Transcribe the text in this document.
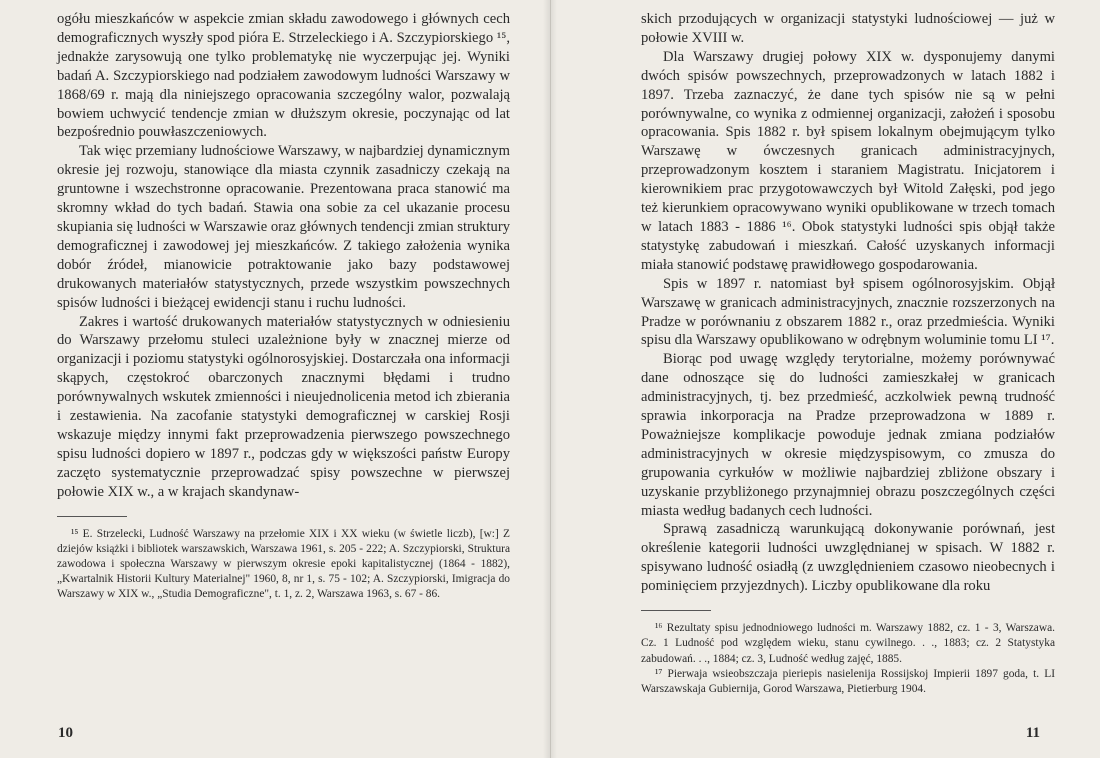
ogółu mieszkańców w aspekcie zmian składu zawodowego i głównych cech demograficznych wyszły spod pióra E. Strzeleckiego i A. Szczypiorskiego ¹⁵, jednakże zarysowują one tylko problematykę nie wyczerpując jej. Wyniki badań A. Szczypiorskiego nad podziałem zawodowym ludności Warszawy w 1868/69 r. mają dla niniejszego opracowania szczególny walor, pozwalają bowiem uchwycić tendencje zmian w dłuższym okresie, poczynając od lat bezpośrednio pouwłaszczeniowych.

Tak więc przemiany ludnościowe Warszawy, w najbardziej dynamicznym okresie jej rozwoju, stanowiące dla miasta czynnik zasadniczy czekają na gruntowne i wszechstronne opracowanie. Prezentowana praca stanowić ma skromny wkład do tych badań. Stawia ona sobie za cel ukazanie procesu skupiania się ludności w Warszawie oraz głównych tendencji zmian struktury demograficznej i zawodowej jej mieszkańców. Z takiego założenia wynika dobór źródeł, mianowicie potraktowanie jako bazy podstawowej drukowanych materiałów statystycznych, przede wszystkim powszechnych spisów ludności i bieżącej ewidencji stanu i ruchu ludności.

Zakres i wartość drukowanych materiałów statystycznych w odniesieniu do Warszawy przełomu stuleci uzależnione były w znacznej mierze od organizacji i poziomu statystyki ogólnorosyjskiej. Dostarczała ona informacji skąpych, częstokroć obarczonych znacznymi błędami i trudno porównywalnych wskutek zmienności i nieujednolicenia metod ich zbierania i zestawienia. Na zacofanie statystyki demograficznej w carskiej Rosji wskazuje między innymi fakt przeprowadzenia pierwszego powszechnego spisu ludności dopiero w 1897 r., podczas gdy w większości państw Europy zaczęto systematycznie przeprowadzać spisy powszechne w pierwszej połowie XIX w., a w krajach skandynaw-

¹⁵ E. Strzelecki, Ludność Warszawy na przełomie XIX i XX wieku (w świetle liczb), [w:] Z dziejów książki i bibliotek warszawskich, Warszawa 1961, s. 205 - 222; A. Szczypiorski, Struktura zawodowa i społeczna Warszawy w pierwszym okresie epoki kapitalistycznej (1864 - 1882), „Kwartalnik Historii Kultury Materialnej" 1960, 8, nr 1, s. 75 - 102; A. Szczypiorski, Imigracja do Warszawy w XIX w., „Studia Demograficzne", t. 1, z. 2, Warszawa 1963, s. 67 - 86.

10

skich przodujących w organizacji statystyki ludnościowej — już w połowie XVIII w.

Dla Warszawy drugiej połowy XIX w. dysponujemy danymi dwóch spisów powszechnych, przeprowadzonych w latach 1882 i 1897. Trzeba zaznaczyć, że dane tych spisów nie są w pełni porównywalne, co wynika z odmiennej organizacji, założeń i sposobu opracowania. Spis 1882 r. był spisem lokalnym obejmującym tylko Warszawę w ówczesnych granicach administracyjnych, przeprowadzonym kosztem i staraniem Magistratu. Inicjatorem i kierownikiem prac przygotowawczych był Witold Załęski, pod jego też kierunkiem opracowywano wyniki opublikowane w trzech tomach w latach 1883 - 1886 ¹⁶. Obok statystyki ludności spis objął także statystykę zabudowań i mieszkań. Całość uzyskanych informacji miała stanowić podstawę prawidłowego gospodarowania.

Spis w 1897 r. natomiast był spisem ogólnorosyjskim. Objął Warszawę w granicach administracyjnych, znacznie rozszerzonych na Pradze w porównaniu z obszarem 1882 r., oraz przedmieścia. Wyniki spisu dla Warszawy opublikowano w odrębnym woluminie tomu LI ¹⁷.

Biorąc pod uwagę względy terytorialne, możemy porównywać dane odnoszące się do ludności zamieszkałej w granicach administracyjnych, tj. bez przedmieść, aczkolwiek pewną trudność sprawia inkorporacja na Pradze przeprowadzona w 1889 r. Poważniejsze komplikacje powoduje jednak zmiana podziałów administracyjnych w okresie międzyspisowym, co zmusza do grupowania cyrkułów w możliwie najbardziej zbliżone obszary i uzyskanie przybliżonego przynajmniej obrazu poszczególnych części miasta według badanych cech ludności.

Sprawą zasadniczą warunkującą dokonywanie porównań, jest określenie kategorii ludności uwzględnianej w spisach. W 1882 r. spisywano ludność osiadłą (z uwzględnieniem czasowo nieobecnych i pominięciem przyjezdnych). Liczby opublikowane dla roku

¹⁶ Rezultaty spisu jednodniowego ludności m. Warszawy 1882, cz. 1 - 3, Warszawa. Cz. 1 Ludność pod względem wieku, stanu cywilnego. . ., 1883; cz. 2 Statystyka zabudowań. . ., 1884; cz. 3, Ludność według zajęć, 1885.

¹⁷ Pierwaja wsieobszczaja pieriepis nasielenija Rossijskoj Impierii 1897 goda, t. LI Warszawskaja Gubiernija, Gorod Warszawa, Pietierburg 1904.

11
